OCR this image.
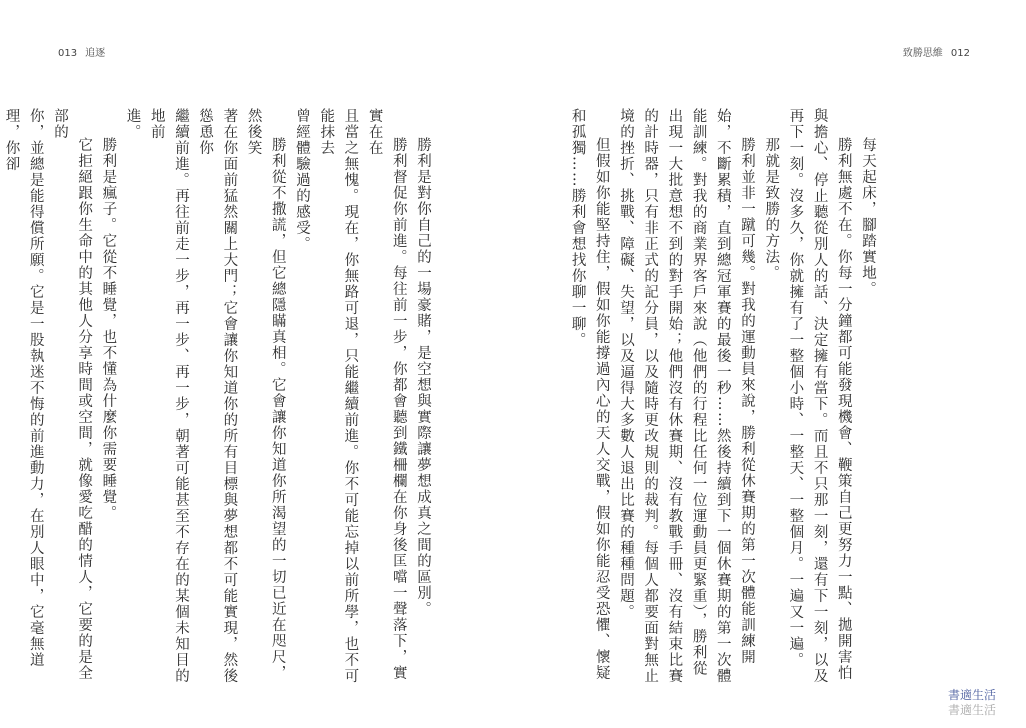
013 追逐

勝利是對你自己的一場豪賭，是空想與實際讓夢想成真之間的區別。

勝利督促你前進。每往前一步，你都會聽到鐵柵欄在你身後匡噹一聲落下，實實在在

且當之無愧。現在，你無路可退，只能繼續前進。你不可能忘掉以前所學，也不可能抹去

曾經體驗過的感受。

勝利從不撒謊，但它總隱瞞真相。它會讓你知道你所渴望的一切已近在咫尺，然後笑

著在你面前猛然關上大門；它會讓你知道你的所有目標與夢想都不可能實現，然後慫恿你

繼續前進。再往前走一步，再一步、再一步，朝著可能甚至不存在的某個未知目的地前

進。

勝利是瘋子。它從不睡覺，也不懂為什麼你需要睡覺。

它拒絕跟你生命中的其他人分享時間或空間，就像愛吃醋的情人，它要的是全部的

你，並總是能得償所願。它是一股執迷不悔的前進動力，在別人眼中，它毫無道理，你卻

致勝思維 012

每天起床，腳踏實地。

勝利無處不在。你每一分鐘都可能發現機會、鞭策自己更努力一點、拋開害怕與擔心、停止聽從別人的話、決定擁有當下。而且不只那一刻，還有下一刻，以及再下一刻。沒多久，你就擁有了一整個小時、一整天、一整個月。一遍又一遍。

那就是致勝的方法。

勝利並非一蹴可幾。對我的運動員來說，勝利從休賽期的第一次體能訓練開始，不斷累積，直到總冠軍賽的最後一秒……然後持續到下一個休賽期的第一次體能訓練。對我的商業界客戶來說（他們的行程比任何一位運動員更緊重），勝利從出現一大批意想不到的對手開始；他們沒有休賽期、沒有教戰手冊、沒有結束比賽的計時器，只有非正式的記分員，以及隨時更改規則的裁判。每個人都要面對無止境的挫折、挑戰、障礙、失望，以及逼得大多數人退出比賽的種種問題。

但假如你能堅持住，假如你能撐過內心的天人交戰，假如你能忍受恐懼、懷疑和孤獨……勝利會想找你聊一聊。

書適生活
書適生活
